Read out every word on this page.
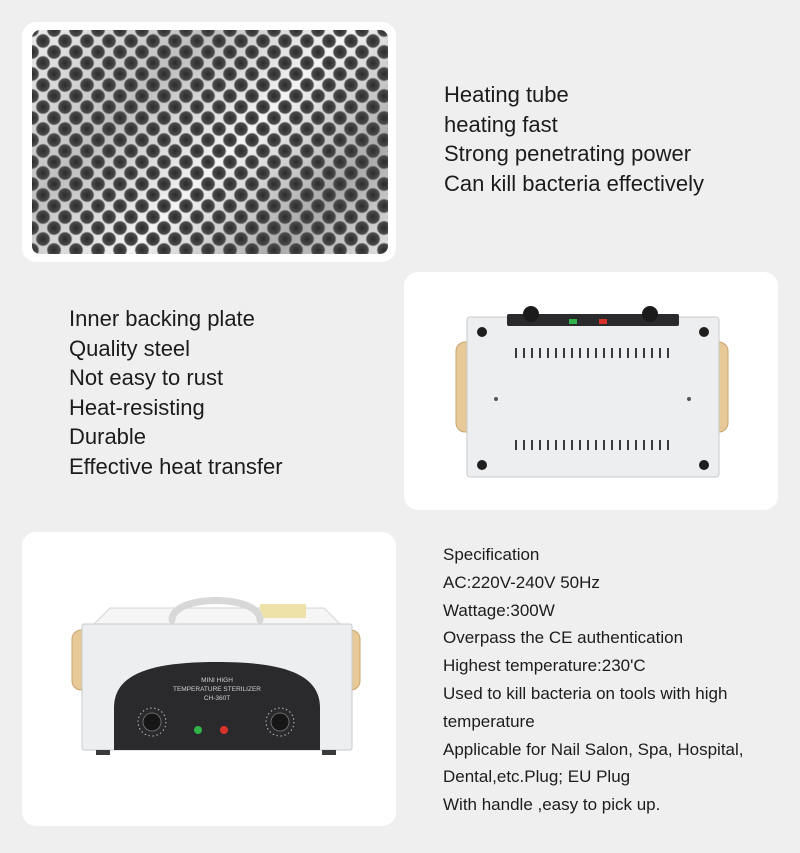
Heating tube
heating fast
Strong penetrating power
Can kill bacteria effectively
Inner backing plate
Quality steel
Not easy to rust
Heat-resisting
Durable
Effective heat transfer
MINI HIGH
TEMPERATURE STERILIZER
CH-360T
Specification
AC:220V-240V 50Hz
Wattage:300W
Overpass the CE authentication
Highest temperature:230'C
Used to kill bacteria on tools with high
temperature
Applicable for Nail Salon, Spa, Hospital,
Dental,etc.Plug; EU Plug
With handle ,easy to pick up.
